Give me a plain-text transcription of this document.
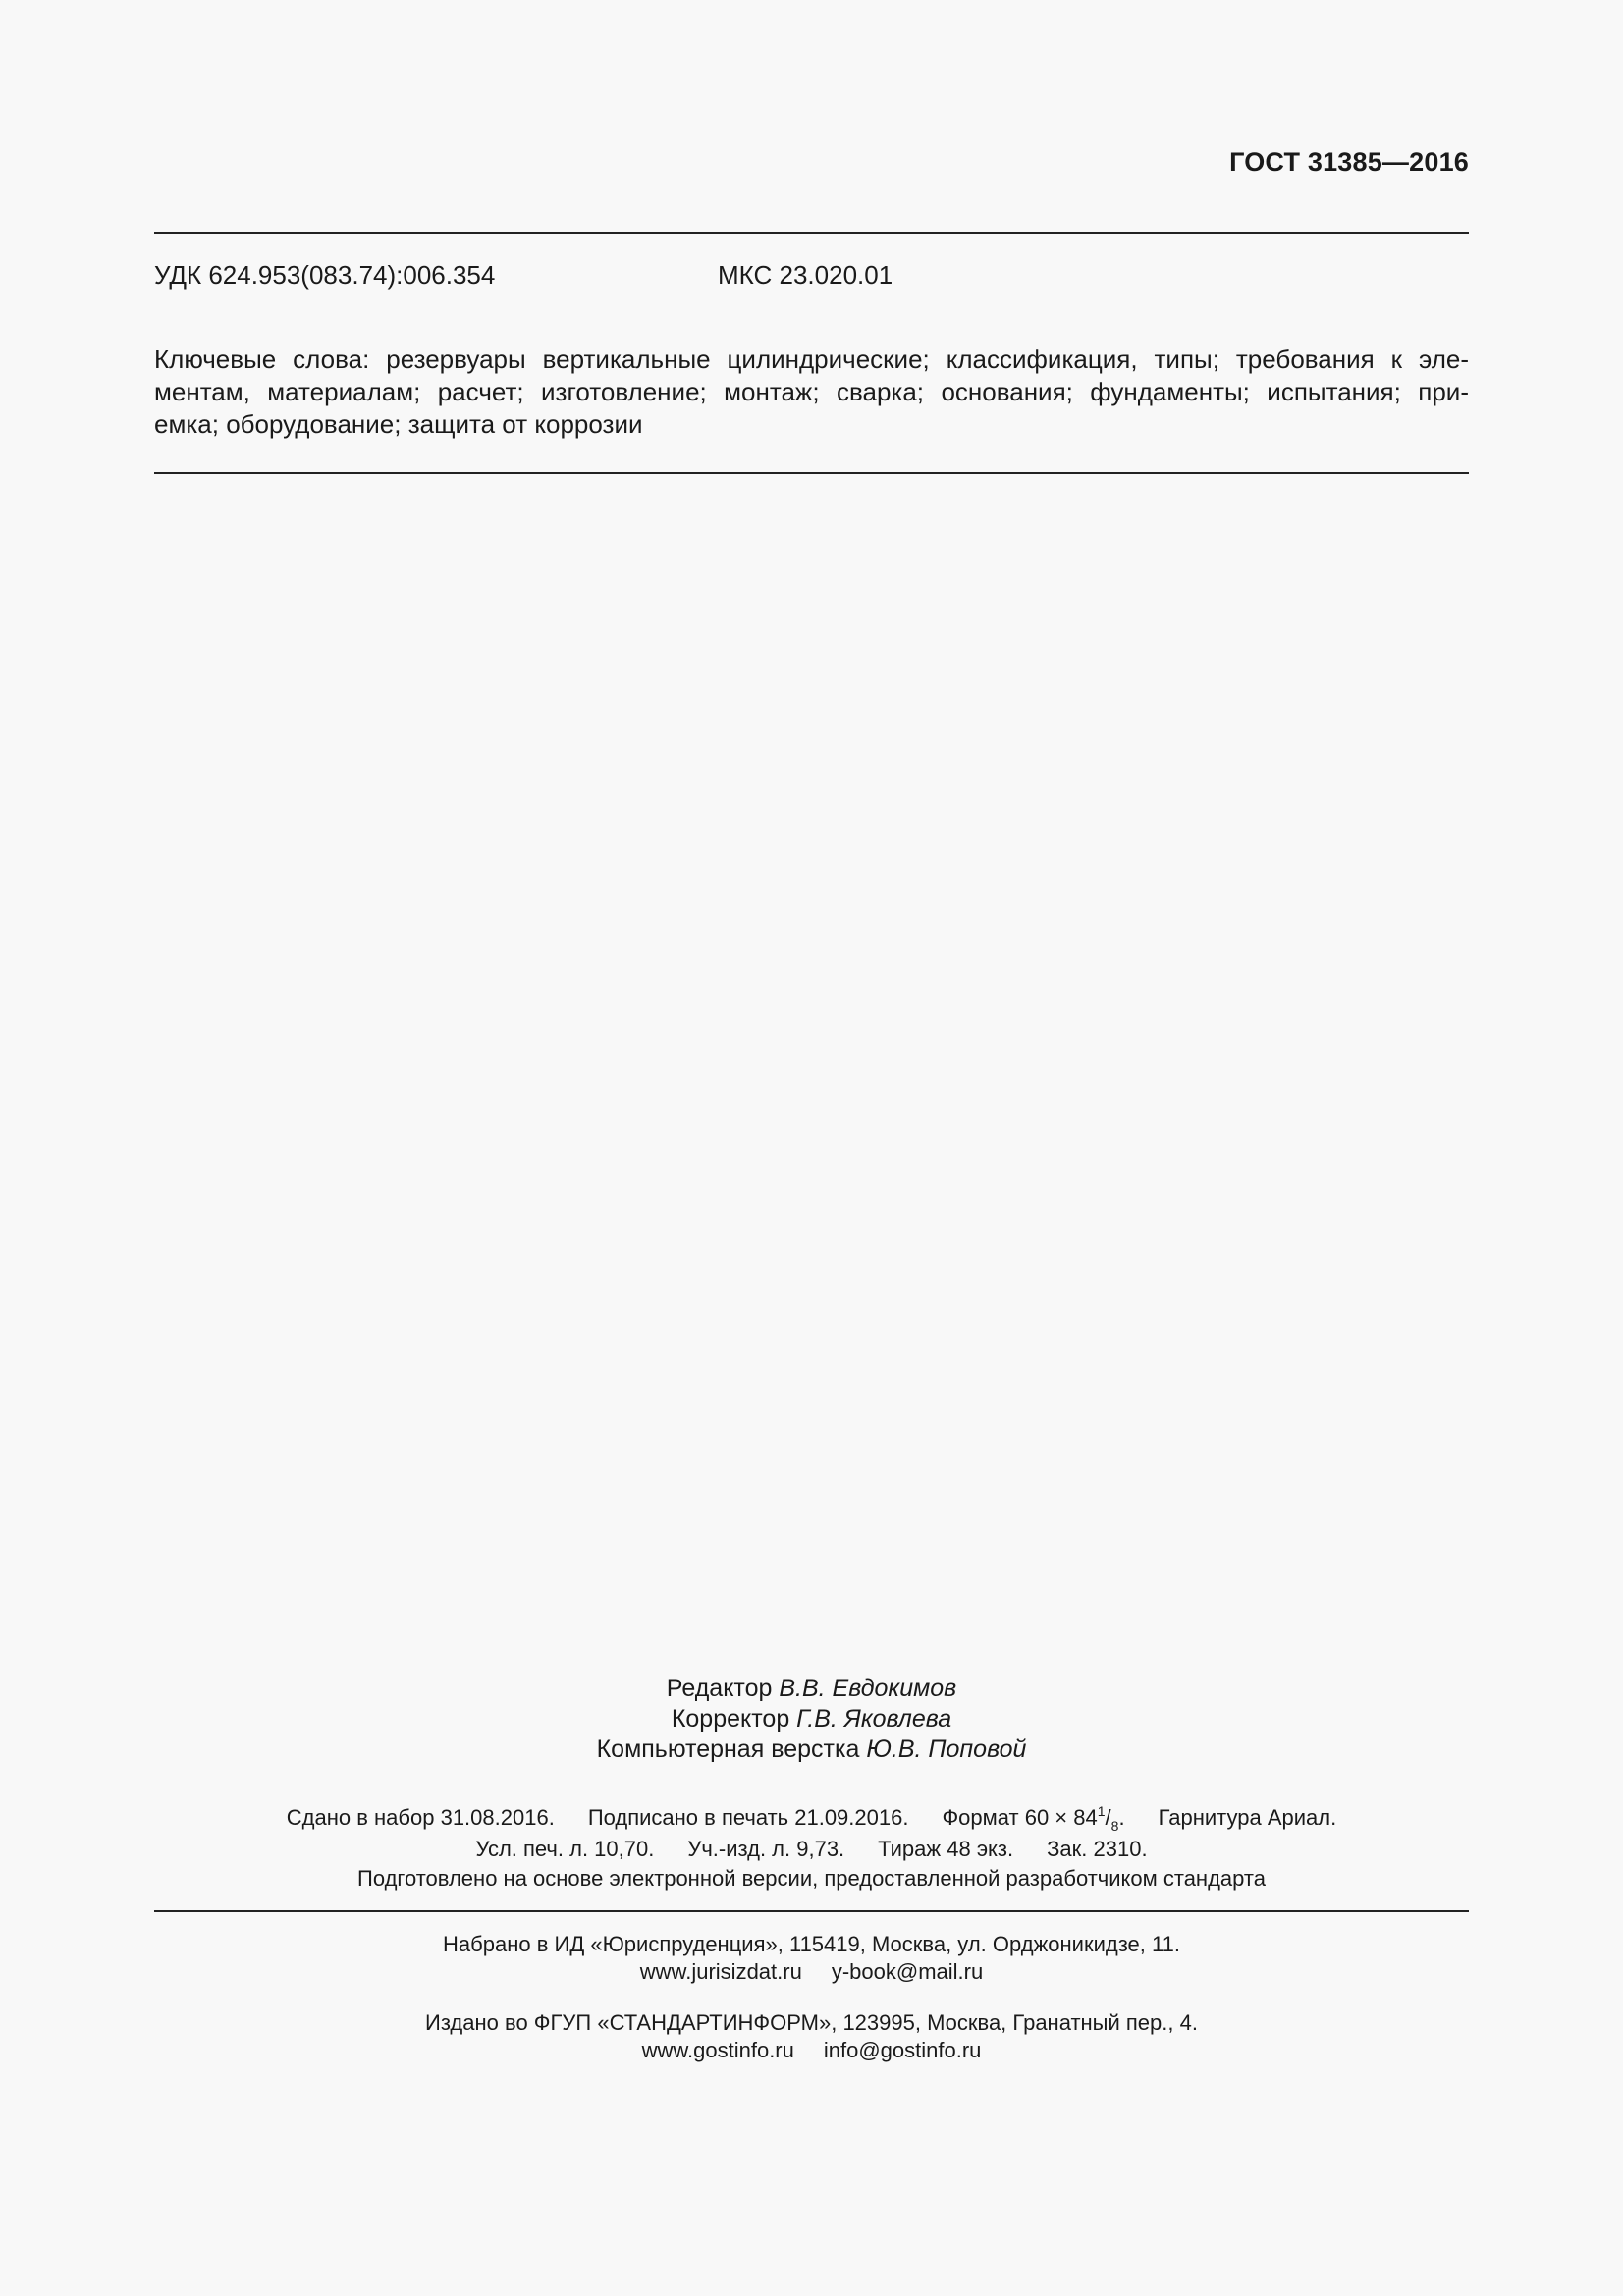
ГОСТ 31385—2016
УДК 624.953(083.74):006.354	МКС 23.020.01

Ключевые слова: резервуары вертикальные цилиндрические; классификация, типы; требования к эле-
ментам, материалам; расчет; изготовление; монтаж; сварка; основания; фундаменты; испытания; при-
емка; оборудование; защита от коррозии

Редактор В.В. Евдокимов
Корректор Г.В. Яковлева
Компьютерная верстка Ю.В. Поповой
Сдано в набор 31.08.2016. Подписано в печать 21.09.2016. Формат $60 \times 84^1/_8$. Гарнитура Ариал.
Усл. печ. л. 10,70. Уч.-изд. л. 9,73. Тираж 48 экз. Зак. 2310.
Подготовлено на основе электронной версии, предоставленной разработчиком стандарта
Набрано в ИД «Юриспруденция», 115419, Москва, ул. Орджоникидзе, 11.
www.jurisizdat.ru y-book@mail.ru
Издано во ФГУП «СТАНДАРТИНФОРМ», 123995, Москва, Гранатный пер., 4.
www.gostinfo.ru info@gostinfo.ru
